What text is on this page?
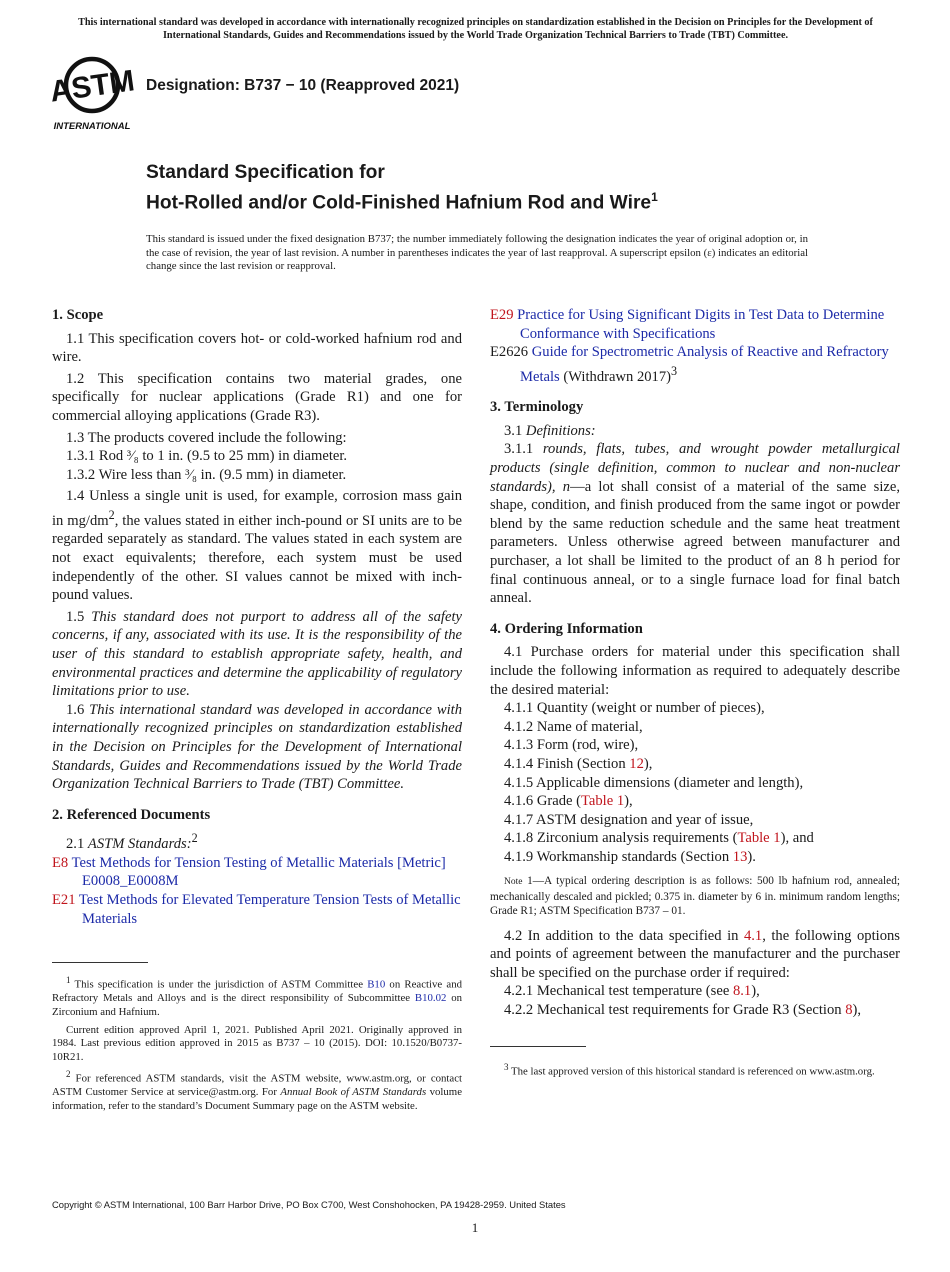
This international standard was developed in accordance with internationally recognized principles on standardization established in the Decision on Principles for the Development of International Standards, Guides and Recommendations issued by the World Trade Organization Technical Barriers to Trade (TBT) Committee.
ASTM
INTERNATIONAL
Designation: B737 − 10 (Reapproved 2021)
Standard Specification for
Hot-Rolled and/or Cold-Finished Hafnium Rod and Wire$^1$
This standard is issued under the fixed designation B737; the number immediately following the designation indicates the year of original adoption or, in the case of revision, the year of last revision. A number in parentheses indicates the year of last reapproval. A superscript epsilon (ε) indicates an editorial change since the last revision or reapproval.

1. Scope

1.1 This specification covers hot- or cold-worked hafnium rod and wire.

1.2 This specification contains two material grades, one specifically for nuclear applications (Grade R1) and one for commercial alloying applications (Grade R3).

1.3 The products covered include the following:

1.3.1 Rod ³⁄₈ to 1 in. (9.5 to 25 mm) in diameter.

1.3.2 Wire less than ³⁄₈ in. (9.5 mm) in diameter.

1.4 Unless a single unit is used, for example, corrosion mass gain in $mg/dm^2$, the values stated in either inch-pound or SI units are to be regarded separately as standard. The values stated in each system are not exact equivalents; therefore, each system must be used independently of the other. SI values cannot be mixed with inch-pound values.

1.5 This standard does not purport to address all of the safety concerns, if any, associated with its use. It is the responsibility of the user of this standard to establish appropriate safety, health, and environmental practices and determine the applicability of regulatory limitations prior to use.

1.6 This international standard was developed in accordance with internationally recognized principles on standardization established in the Decision on Principles for the Development of International Standards, Guides and Recommendations issued by the World Trade Organization Technical Barriers to Trade (TBT) Committee.

2. Referenced Documents

2.1 ASTM Standards:$^2$

E8 Test Methods for Tension Testing of Metallic Materials [Metric] E0008_E0008M

E21 Test Methods for Elevated Temperature Tension Tests of Metallic Materials

$^1$ This specification is under the jurisdiction of ASTM Committee B10 on Reactive and Refractory Metals and Alloys and is the direct responsibility of Subcommittee B10.02 on Zirconium and Hafnium.

Current edition approved April 1, 2021. Published April 2021. Originally approved in 1984. Last previous edition approved in 2015 as B737 – 10 (2015). DOI: 10.1520/B0737-10R21.

$^2$ For referenced ASTM standards, visit the ASTM website, www.astm.org, or contact ASTM Customer Service at service@astm.org. For Annual Book of ASTM Standards volume information, refer to the standard’s Document Summary page on the ASTM website.

E29 Practice for Using Significant Digits in Test Data to Determine Conformance with Specifications

E2626 Guide for Spectrometric Analysis of Reactive and Refractory Metals (Withdrawn 2017)$^3$

3. Terminology

3.1 Definitions:

3.1.1 rounds, flats, tubes, and wrought powder metallurgical products (single definition, common to nuclear and non-nuclear standards), n—a lot shall consist of a material of the same size, shape, condition, and finish produced from the same ingot or powder blend by the same reduction schedule and the same heat treatment parameters. Unless otherwise agreed between manufacturer and purchaser, a lot shall be limited to the product of an 8 h period for final continuous anneal, or to a single furnace load for final batch anneal.

4. Ordering Information

4.1 Purchase orders for material under this specification shall include the following information as required to adequately describe the desired material:

4.1.1 Quantity (weight or number of pieces),

4.1.2 Name of material,

4.1.3 Form (rod, wire),

4.1.4 Finish (Section 12),

4.1.5 Applicable dimensions (diameter and length),

4.1.6 Grade (Table 1),

4.1.7 ASTM designation and year of issue,

4.1.8 Zirconium analysis requirements (Table 1), and

4.1.9 Workmanship standards (Section 13).

Note 1—A typical ordering description is as follows: 500 lb hafnium rod, annealed; mechanically descaled and pickled; 0.375 in. diameter by 6 in. minimum random lengths; Grade R1; ASTM Specification B737 – 01.

4.2 In addition to the data specified in 4.1, the following options and points of agreement between the manufacturer and the purchaser shall be specified on the purchase order if required:

4.2.1 Mechanical test temperature (see 8.1),

4.2.2 Mechanical test requirements for Grade R3 (Section 8),

$^3$ The last approved version of this historical standard is referenced on www.astm.org.

Copyright © ASTM International, 100 Barr Harbor Drive, PO Box C700, West Conshohocken, PA 19428-2959. United States
1
